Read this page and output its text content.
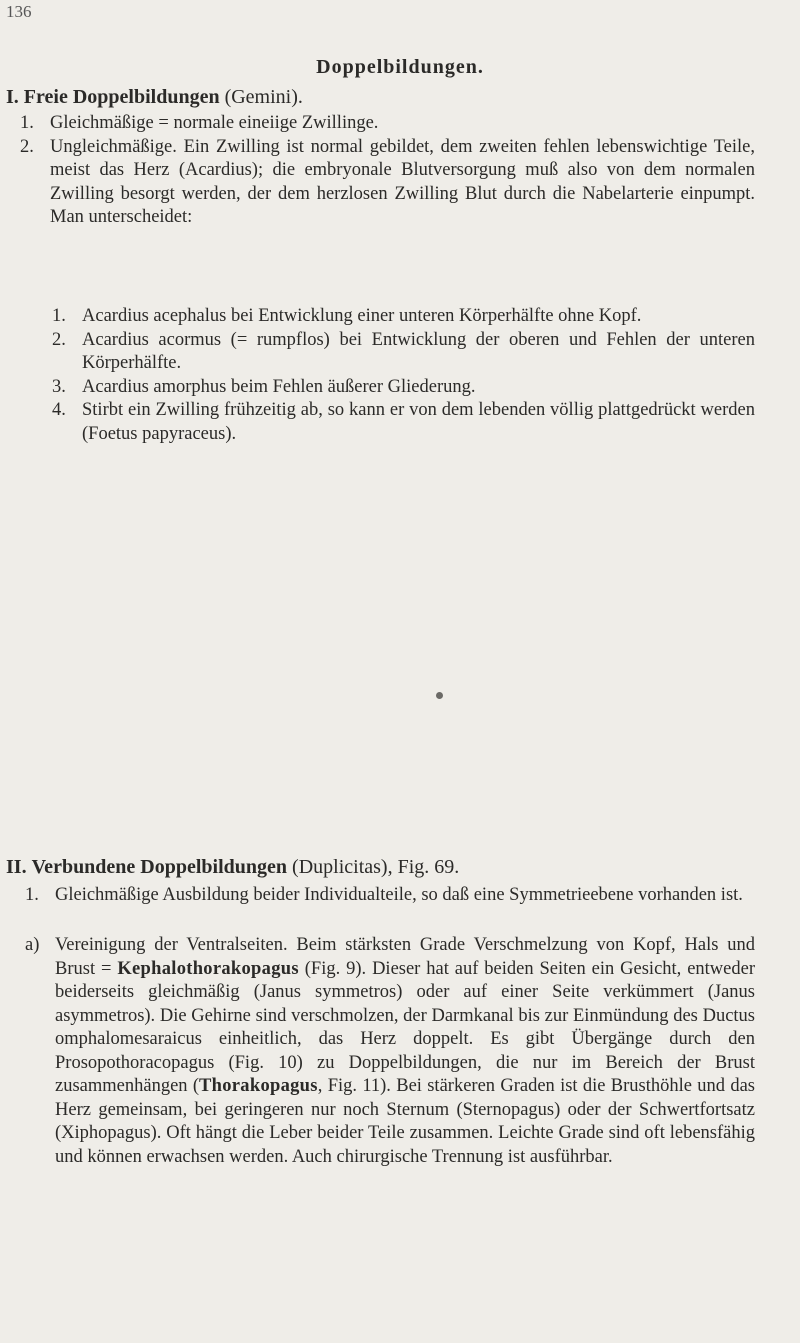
136
Doppelbildungen.
I. Freie Doppelbildungen (Gemini).
1. Gleichmäßige = normale eineiige Zwillinge.
2. Ungleichmäßige. Ein Zwilling ist normal gebildet, dem zweiten fehlen lebenswichtige Teile, meist das Herz (Acardius); die embryonale Blutversorgung muß also von dem normalen Zwilling besorgt werden, der dem herzlosen Zwilling Blut durch die Nabelarterie einpumpt. Man unterscheidet:
1. Acardius acephalus bei Entwicklung einer unteren Körperhälfte ohne Kopf.
2. Acardius acormus (= rumpflos) bei Entwicklung der oberen und Fehlen der unteren Körperhälfte.
3. Acardius amorphus beim Fehlen äußerer Gliederung.
4. Stirbt ein Zwilling frühzeitig ab, so kann er von dem lebenden völlig plattgedrückt werden (Foetus papyraceus).
II. Verbundene Doppelbildungen (Duplicitas), Fig. 69.
1. Gleichmäßige Ausbildung beider Individualteile, so daß eine Symmetrieebene vorhanden ist.
a) Vereinigung der Ventralseiten. Beim stärksten Grade Verschmelzung von Kopf, Hals und Brust = Kephalothorakopagus (Fig. 9). Dieser hat auf beiden Seiten ein Gesicht, entweder beiderseits gleichmäßig (Janus symmetros) oder auf einer Seite verkümmert (Janus asymmetros). Die Gehirne sind verschmolzen, der Darmkanal bis zur Einmündung des Ductus omphalomesaraicus einheitlich, das Herz doppelt. Es gibt Übergänge durch den Prosopothoracopagus (Fig. 10) zu Doppelbildungen, die nur im Bereich der Brust zusammenhängen (Thorakopagus, Fig. 11). Bei stärkeren Graden ist die Brusthöhle und das Herz gemeinsam, bei geringeren nur noch Sternum (Sternopagus) oder der Schwertfortsatz (Xiphopagus). Oft hängt die Leber beider Teile zusammen. Leichte Grade sind oft lebensfähig und können erwachsen werden. Auch chirurgische Trennung ist ausführbar.
